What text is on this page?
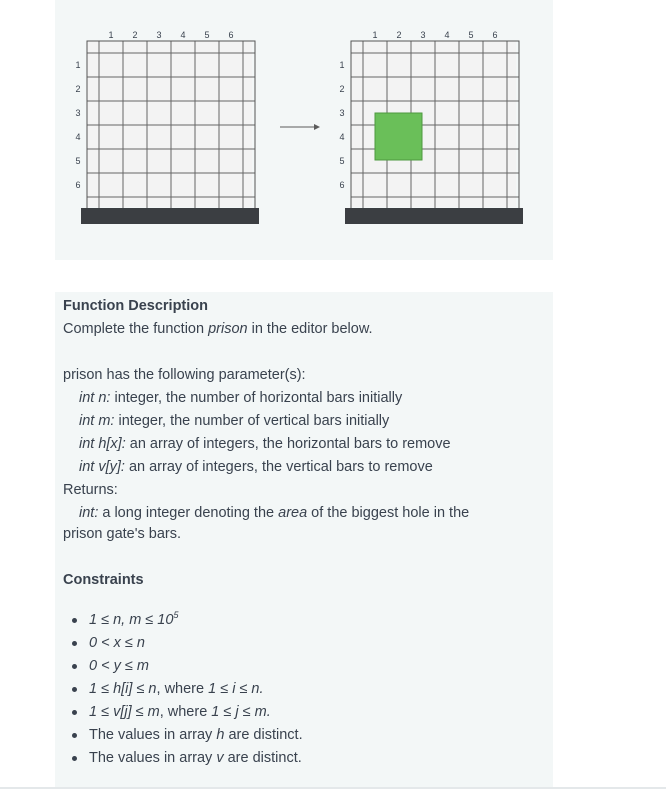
1 2 3 4 5 6
1
2
3
4
5
6
1 2 3 4 5 6
1
2
3
4
5
6
Function Description
Complete the function prison in the editor below.
prison has the following parameter(s):
int n: integer, the number of horizontal bars initially
int m: integer, the number of vertical bars initially
int h[x]: an array of integers, the horizontal bars to remove
int v[y]: an array of integers, the vertical bars to remove
Returns:
int: a long integer denoting the area of the biggest hole in the
prison gate's bars.
Constraints
1 ≤ n, $m \le 10^5$
0 < x ≤ n
0 < y ≤ m
1 ≤ h[i] ≤ n, where 1 ≤ i ≤ n.
1 ≤ v[j] ≤ m, where 1 ≤ j ≤ m.
The values in array h are distinct.
The values in array v are distinct.
